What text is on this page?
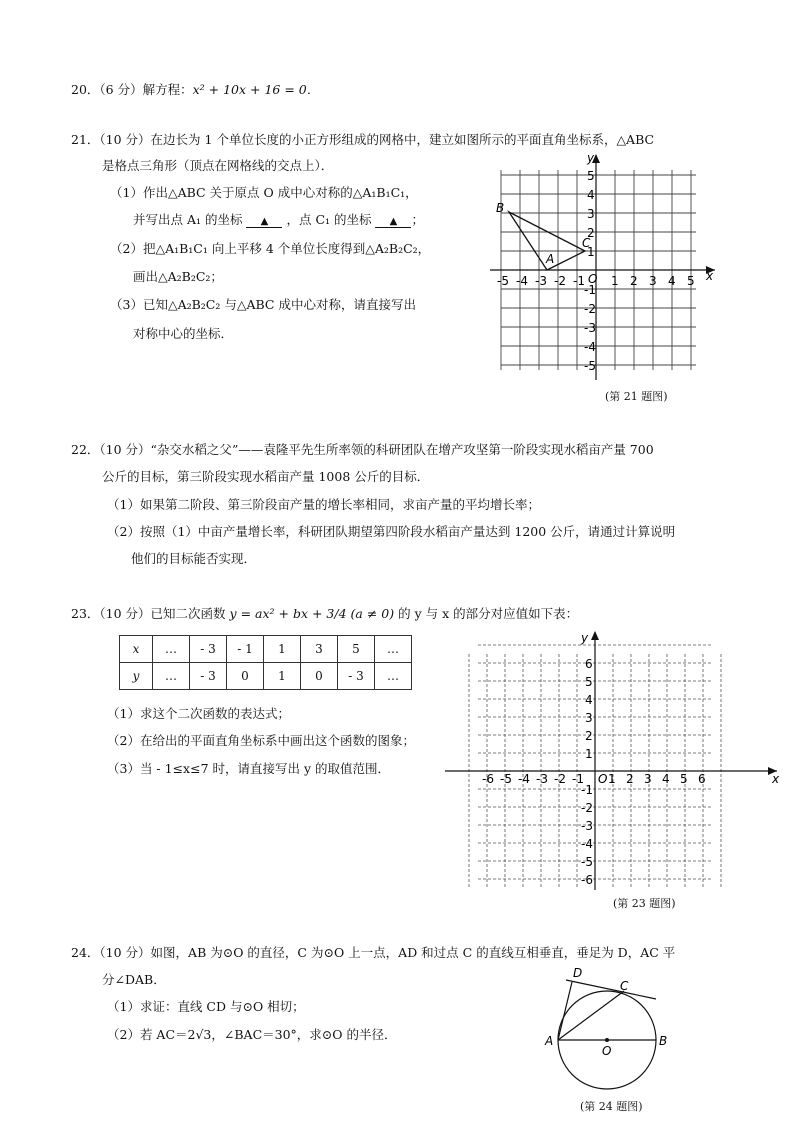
20．（6 分）解方程：x² + 10x + 16 = 0．
21．（10 分）在边长为 1 个单位长度的小正方形组成的网格中，建立如图所示的平面直角坐标系，△ABC
是格点三角形（顶点在网格线的交点上）．
（1）作出△ABC 关于原点 O 成中心对称的△A₁B₁C₁，
并写出点 A₁ 的坐标 ▲ ，点 C₁ 的坐标 ▲ ；
（2）把△A₁B₁C₁ 向上平移 4 个单位长度得到△A₂B₂C₂，
画出△A₂B₂C₂；
（3）已知△A₂B₂C₂ 与△ABC 成中心对称，请直接写出
对称中心的坐标．
x
y
O
-5 -4 -3 -2 -1 1 2 3 4 5
5
4
3
2
1
-1
-2
-3
-4
-5
B
A
C
(第 21 题图)
22．（10 分）“杂交水稻之父”——袁隆平先生所率领的科研团队在增产攻坚第一阶段实现水稻亩产量 700
公斤的目标，第三阶段实现水稻亩产量 1008 公斤的目标．
（1）如果第二阶段、第三阶段亩产量的增长率相同，求亩产量的平均增长率；
（2）按照（1）中亩产量增长率，科研团队期望第四阶段水稻亩产量达到 1200 公斤，请通过计算说明
他们的目标能否实现．
23．（10 分）已知二次函数 y = ax² + bx + 3/4 (a ≠ 0) 的 y 与 x 的部分对应值如下表：
x	…	- 3	- 1	1	3	5	…
y	…	- 3	0	1	0	- 3	…
（1）求这个二次函数的表达式；
（2）在给出的平面直角坐标系中画出这个函数的图象；
（3）当 - 1≤x≤7 时，请直接写出 y 的取值范围．
x
y
O
-6 -5 -4 -3 -2 -1 1 2 3 4 5 6
6
5
4
3
2
1
-1
-2
-3
-4
-5
-6
(第 23 题图)
24．（10 分）如图，AB 为⊙O 的直径，C 为⊙O 上一点，AD 和过点 C 的直线互相垂直，垂足为 D，AC 平
分∠DAB．
（1）求证：直线 CD 与⊙O 相切；
（2）若 AC＝2√3，∠BAC＝30°，求⊙O 的半径．	A	B
C
D
O
(第 24 题图)
